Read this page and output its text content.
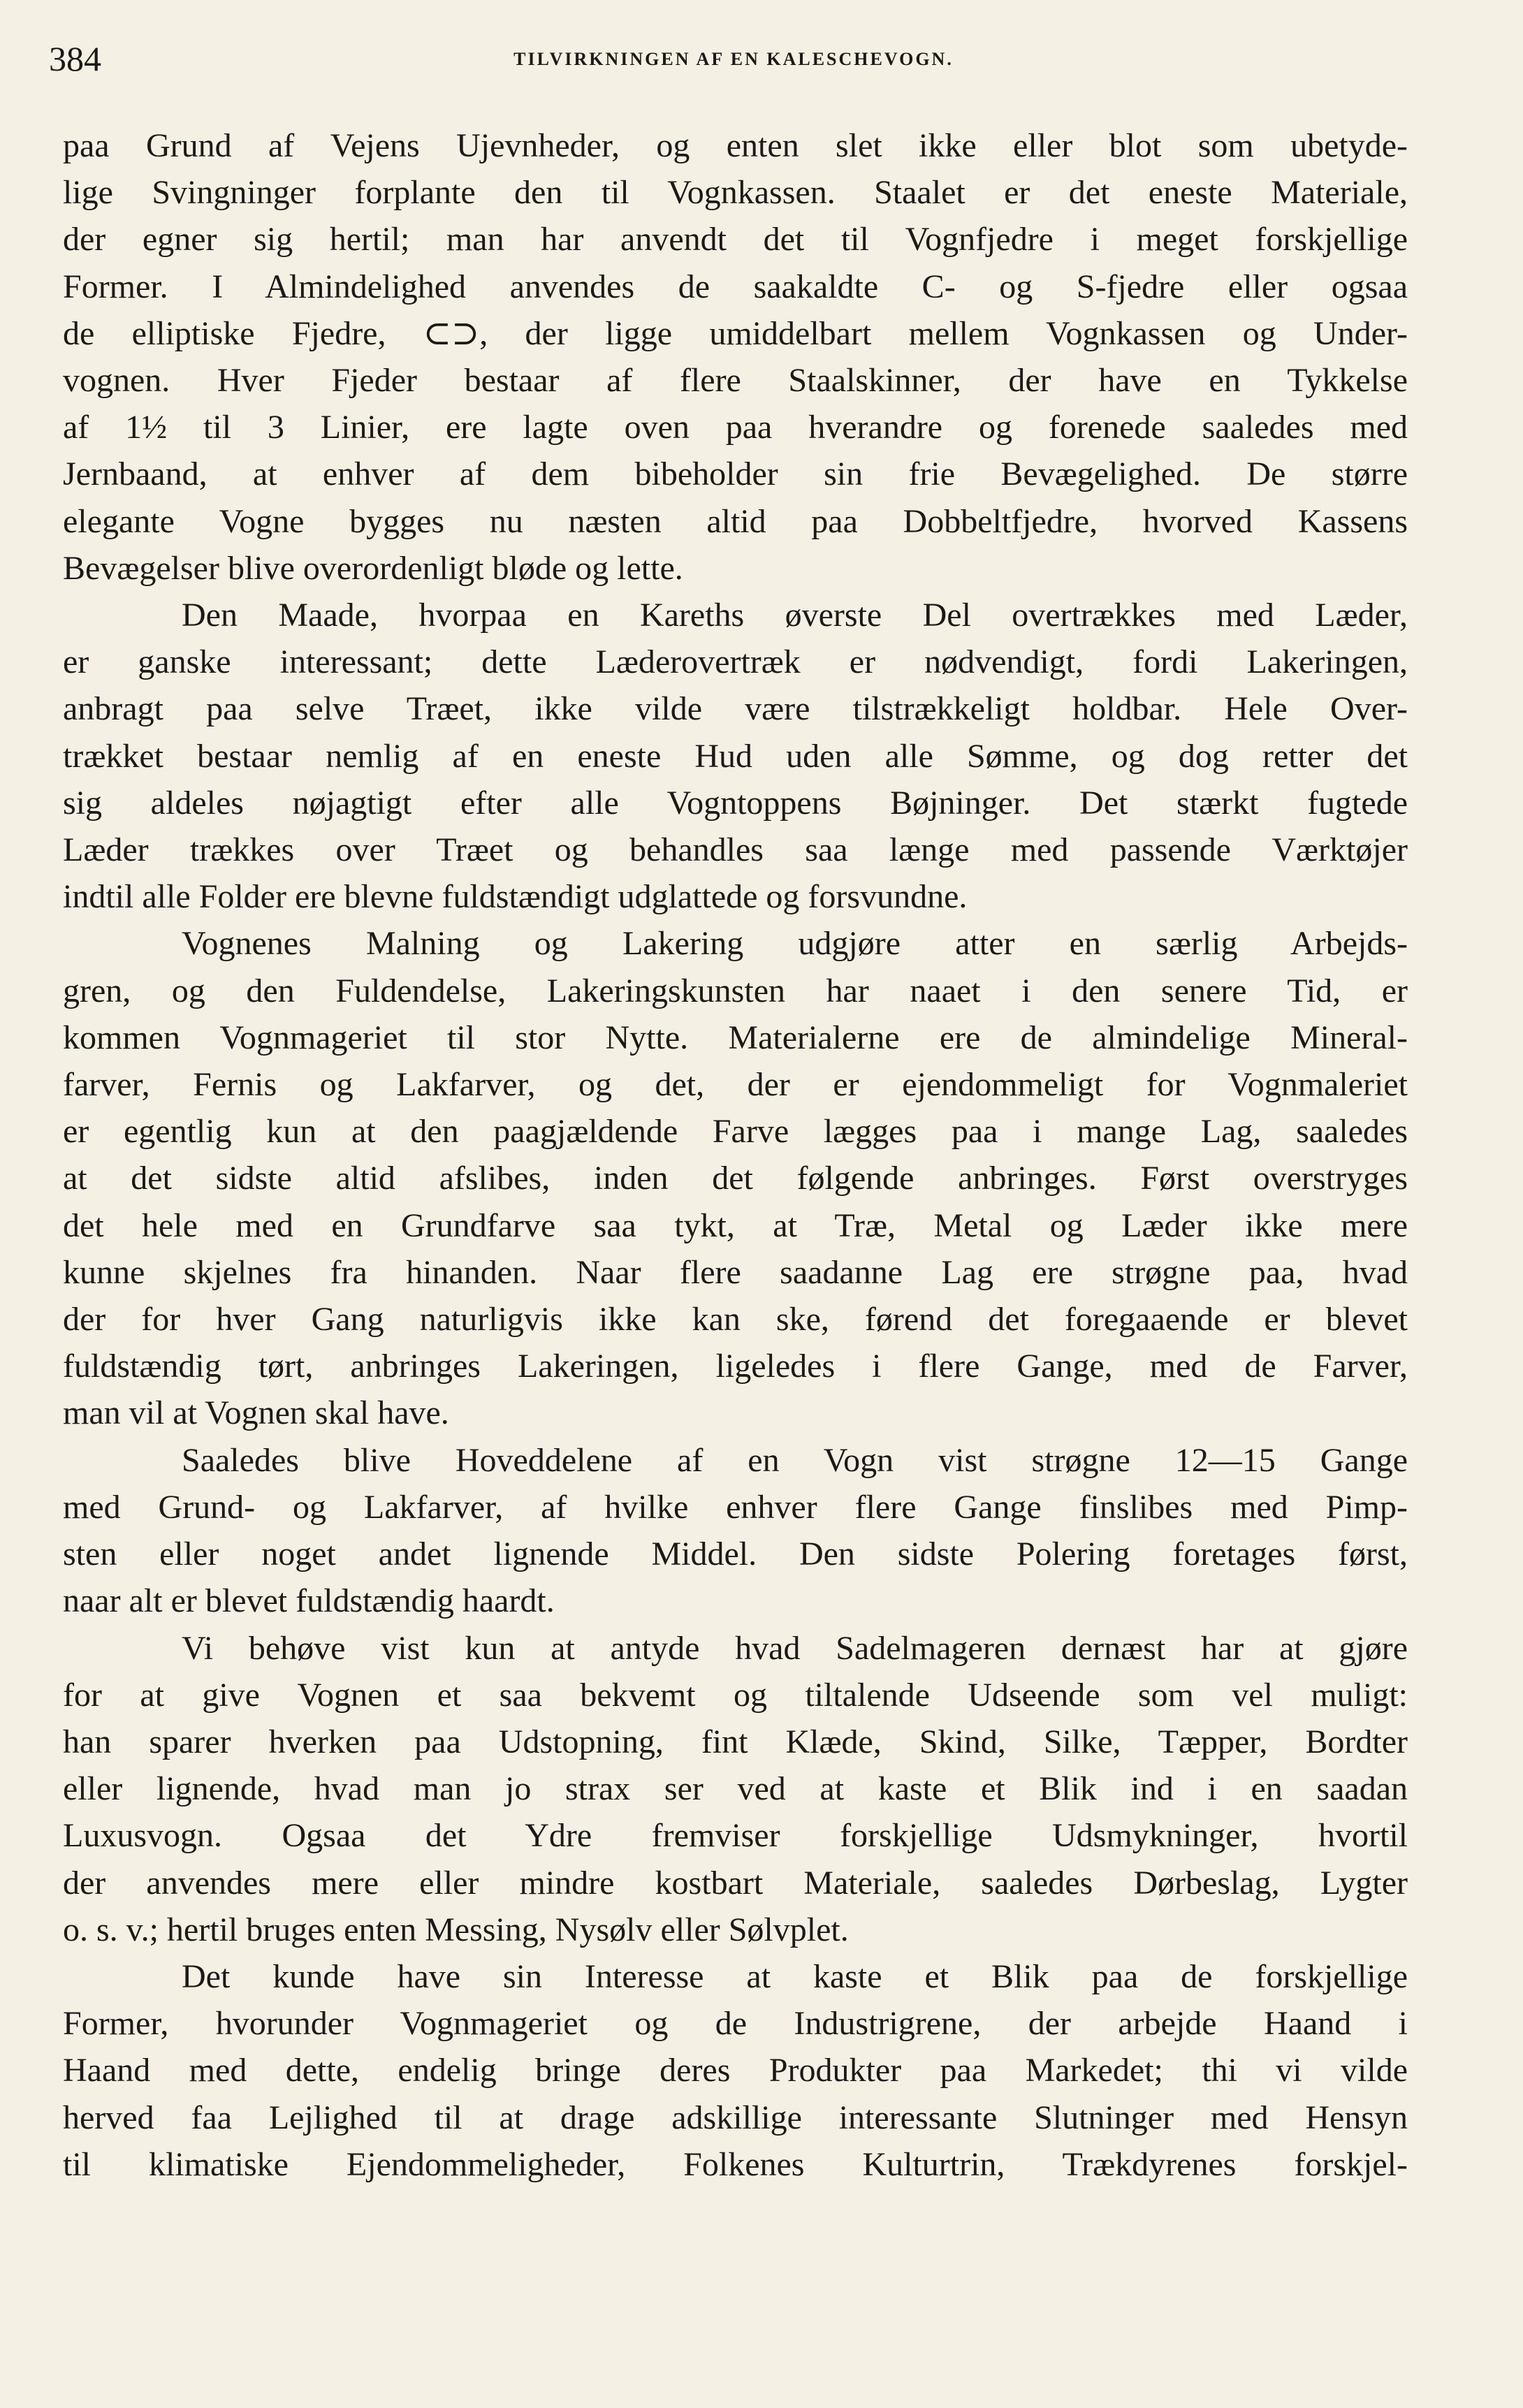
384	TILVIRKNINGEN AF EN KALESCHEVOGN.

paa Grund af Vejens Ujevnheder, og enten slet ikke eller blot som ubetyde-
lige Svingninger forplante den til Vognkassen. Staalet er det eneste Materiale,
der egner sig hertil; man har anvendt det til Vognfjedre i meget forskjellige
Former. I Almindelighed anvendes de saakaldte C- og S-fjedre eller ogsaa
de elliptiske Fjedre, ⊂⊃, der ligge umiddelbart mellem Vognkassen og Under-
vognen. Hver Fjeder bestaar af flere Staalskinner, der have en Tykkelse
af 1½ til 3 Linier, ere lagte oven paa hverandre og forenede saaledes med
Jernbaand, at enhver af dem bibeholder sin frie Bevægelighed. De større
elegante Vogne bygges nu næsten altid paa Dobbeltfjedre, hvorved Kassens
Bevægelser blive overordenligt bløde og lette.

Den Maade, hvorpaa en Kareths øverste Del overtrækkes med Læder,
er ganske interessant; dette Læderovertræk er nødvendigt, fordi Lakeringen,
anbragt paa selve Træet, ikke vilde være tilstrækkeligt holdbar. Hele Over-
trækket bestaar nemlig af en eneste Hud uden alle Sømme, og dog retter det
sig aldeles nøjagtigt efter alle Vogntoppens Bøjninger. Det stærkt fugtede
Læder trækkes over Træet og behandles saa længe med passende Værktøjer
indtil alle Folder ere blevne fuldstændigt udglattede og forsvundne.

Vognenes Malning og Lakering udgjøre atter en særlig Arbejds-
gren, og den Fuldendelse, Lakeringskunsten har naaet i den senere Tid, er
kommen Vognmageriet til stor Nytte. Materialerne ere de almindelige Mineral-
farver, Fernis og Lakfarver, og det, der er ejendommeligt for Vognmaleriet
er egentlig kun at den paagjældende Farve lægges paa i mange Lag, saaledes
at det sidste altid afslibes, inden det følgende anbringes. Først overstryges
det hele med en Grundfarve saa tykt, at Træ, Metal og Læder ikke mere
kunne skjelnes fra hinanden. Naar flere saadanne Lag ere strøgne paa, hvad
der for hver Gang naturligvis ikke kan ske, førend det foregaaende er blevet
fuldstændig tørt, anbringes Lakeringen, ligeledes i flere Gange, med de Farver,
man vil at Vognen skal have.

Saaledes blive Hoveddelene af en Vogn vist strøgne 12—15 Gange
med Grund- og Lakfarver, af hvilke enhver flere Gange finslibes med Pimp-
sten eller noget andet lignende Middel. Den sidste Polering foretages først,
naar alt er blevet fuldstændig haardt.

Vi behøve vist kun at antyde hvad Sadelmageren dernæst har at gjøre
for at give Vognen et saa bekvemt og tiltalende Udseende som vel muligt:
han sparer hverken paa Udstopning, fint Klæde, Skind, Silke, Tæpper, Bordter
eller lignende, hvad man jo strax ser ved at kaste et Blik ind i en saadan
Luxusvogn. Ogsaa det Ydre fremviser forskjellige Udsmykninger, hvortil
der anvendes mere eller mindre kostbart Materiale, saaledes Dørbeslag, Lygter
o. s. v.; hertil bruges enten Messing, Nysølv eller Sølvplet.

Det kunde have sin Interesse at kaste et Blik paa de forskjellige
Former, hvorunder Vognmageriet og de Industrigrene, der arbejde Haand i
Haand med dette, endelig bringe deres Produkter paa Markedet; thi vi vilde
herved faa Lejlighed til at drage adskillige interessante Slutninger med Hensyn
til klimatiske Ejendommeligheder, Folkenes Kulturtrin, Trækdyrenes forskjel-
